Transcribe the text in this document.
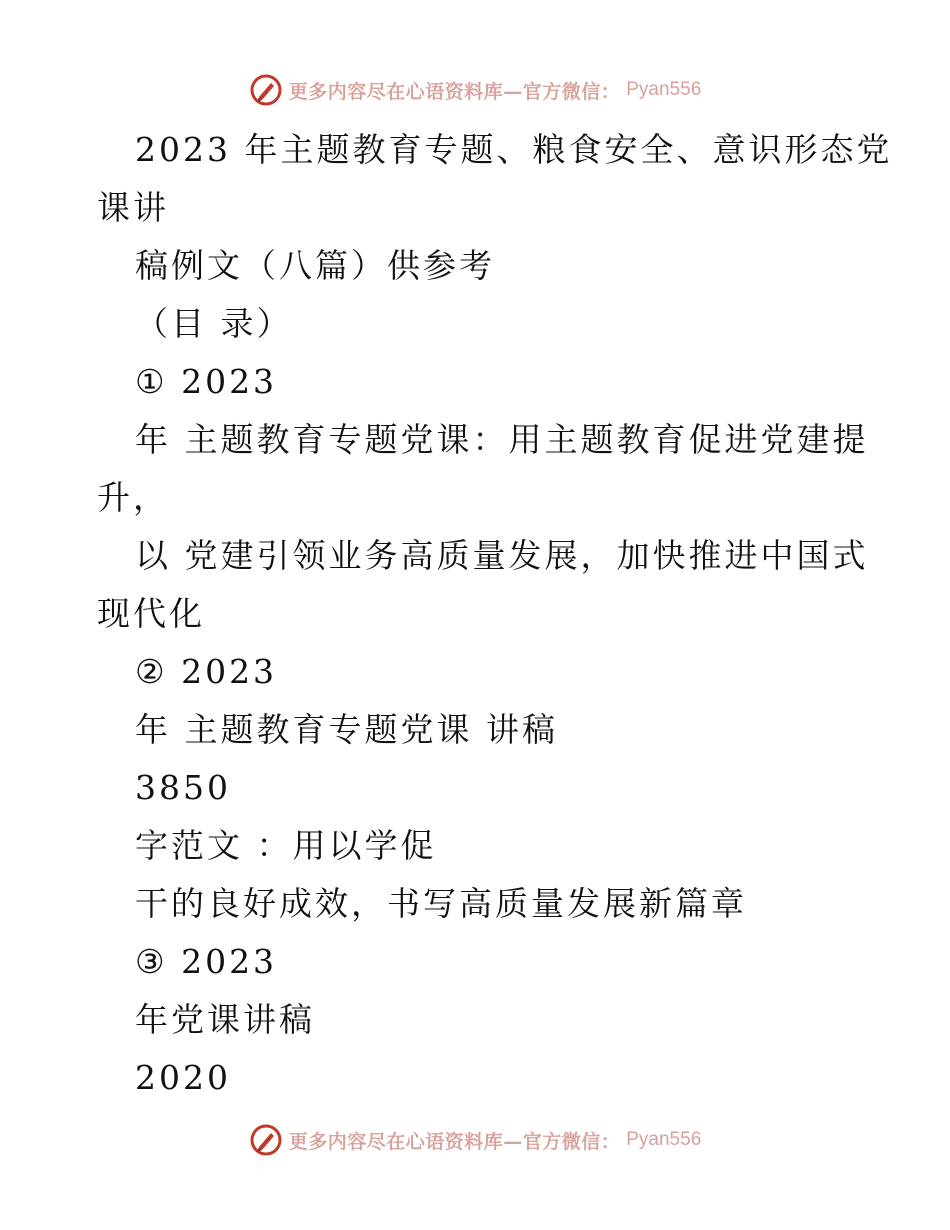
更多内容尽在心语资料库—官方微信： Pyan556
2023 年主题教育专题、粮食安全、意识形态党
课讲
稿例文（八篇）供参考
（目 录）
① 2023
年 主题教育专题党课：用主题教育促进党建提
升，
以 党建引领业务高质量发展，加快推进中国式
现代化
② 2023
年 主题教育专题党课 讲稿
3850
字范文 ：用以学促
干的良好成效，书写高质量发展新篇章
③ 2023
年党课讲稿
2020
更多内容尽在心语资料库—官方微信： Pyan556
